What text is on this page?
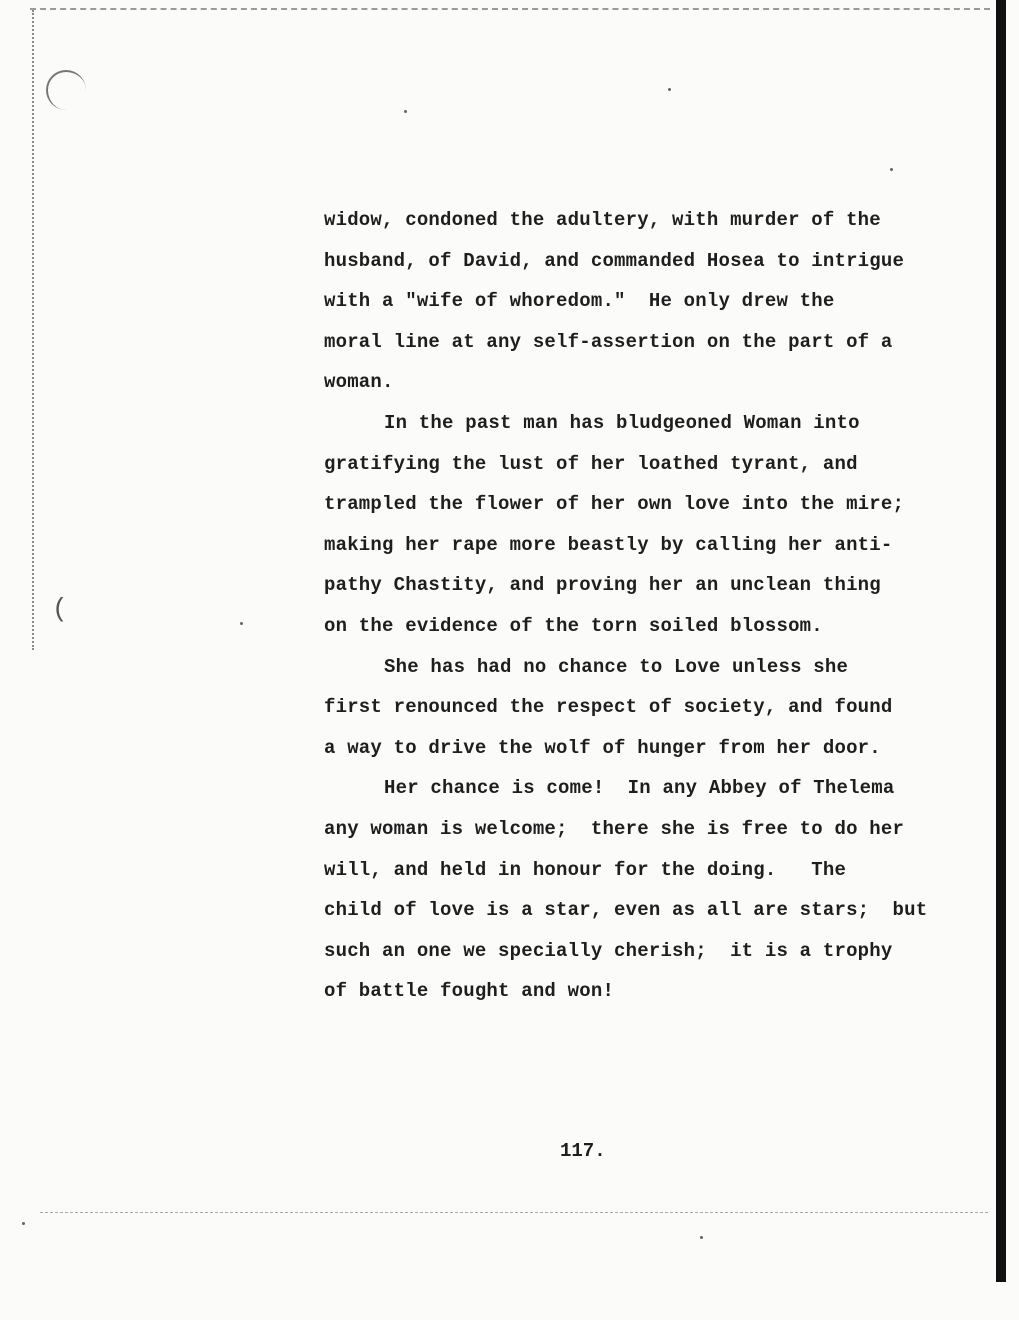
(
widow, condoned the adultery, with murder of the
husband, of David, and commanded Hosea to intrigue
with a "wife of whoredom."  He only drew the
moral line at any self-assertion on the part of a
woman.
In the past man has bludgeoned Woman into
gratifying the lust of her loathed tyrant, and
trampled the flower of her own love into the mire;
making her rape more beastly by calling her anti-
pathy Chastity, and proving her an unclean thing
on the evidence of the torn soiled blossom.
She has had no chance to Love unless she
first renounced the respect of society, and found
a way to drive the wolf of hunger from her door.
Her chance is come!  In any Abbey of Thelema
any woman is welcome;  there she is free to do her
will, and held in honour for the doing.   The
child of love is a star, even as all are stars;  but
such an one we specially cherish;  it is a trophy
of battle fought and won!
117.
